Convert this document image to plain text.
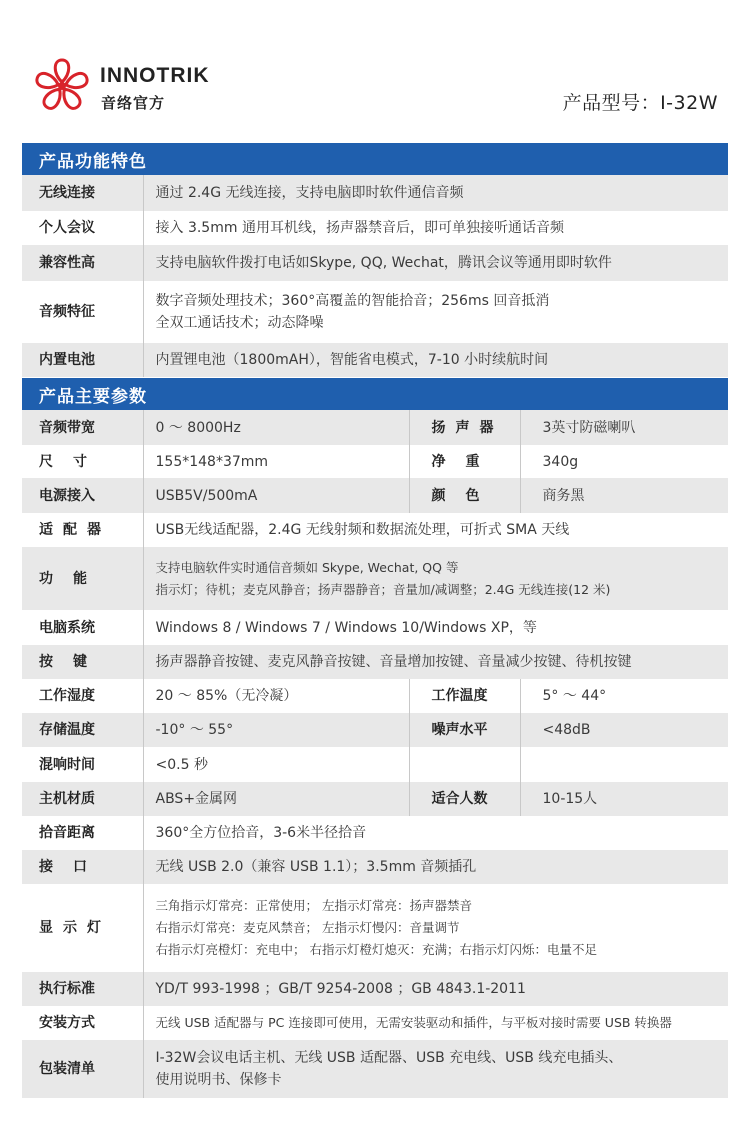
INNOTRIK
音络官方	产品型号：I-32W
产品功能特色
无线连接	通过 2.4G 无线连接，支持电脑即时软件通信音频
个人会议	接入 3.5mm 通用耳机线，扬声器禁音后，即可单独接听通话音频
兼容性高	支持电脑软件拨打电话如Skype, QQ, Wechat，腾讯会议等通用即时软件
音频特征	数字音频处理技术；360°高覆盖的智能拾音；256ms 回音抵消
全双工通话技术；动态降噪

内置电池	内置锂电池（1800mAH），智能省电模式，7-10 小时续航时间
产品主要参数
音频带宽	0 ～ 8000Hz	扬声器	3英寸防磁喇叭
尺寸	155*148*37mm	净重	340g
电源接入	USB5V/500mA	颜色	商务黑
适配器	USB无线适配器，2.4G 无线射频和数据流处理，可折式 SMA 天线		
功能	支持电脑软件实时通信音频如 Skype, Wechat, QQ 等
指示灯；待机；麦克风静音；扬声器静音；音量加/减调整；2.4G 无线连接(12 米)		

电脑系统	Windows 8 / Windows 7 / Windows 10/Windows XP，等		
按键	扬声器静音按键、麦克风静音按键、音量增加按键、音量减少按键、待机按键		
工作湿度	20 ～ 85%（无冷凝）	工作温度	5° ～ 44°
存储温度	-10° ～ 55°	噪声水平	<48dB
混响时间	<0.5 秒		
主机材质	ABS+金属网	适合人数	10-15人
拾音距离	360°全方位拾音，3-6米半径拾音		
接口	无线 USB 2.0（兼容 USB 1.1）；3.5mm 音频插孔		
显示灯	三角指示灯常亮：正常使用； 左指示灯常亮：扬声器禁音
右指示灯常亮：麦克风禁音； 左指示灯慢闪：音量调节
右指示灯亮橙灯：充电中； 右指示灯橙灯熄灭：充满；右指示灯闪烁：电量不足		

执行标准	YD/T 993-1998 ；GB/T 9254-2008 ；GB 4843.1-2011		
安装方式	无线 USB 适配器与 PC 连接即可使用，无需安装驱动和插件，与平板对接时需要 USB 转换器		
包装清单	I-32W会议电话主机、无线 USB 适配器、USB 充电线、USB 线充电插头、
使用说明书、保修卡		
